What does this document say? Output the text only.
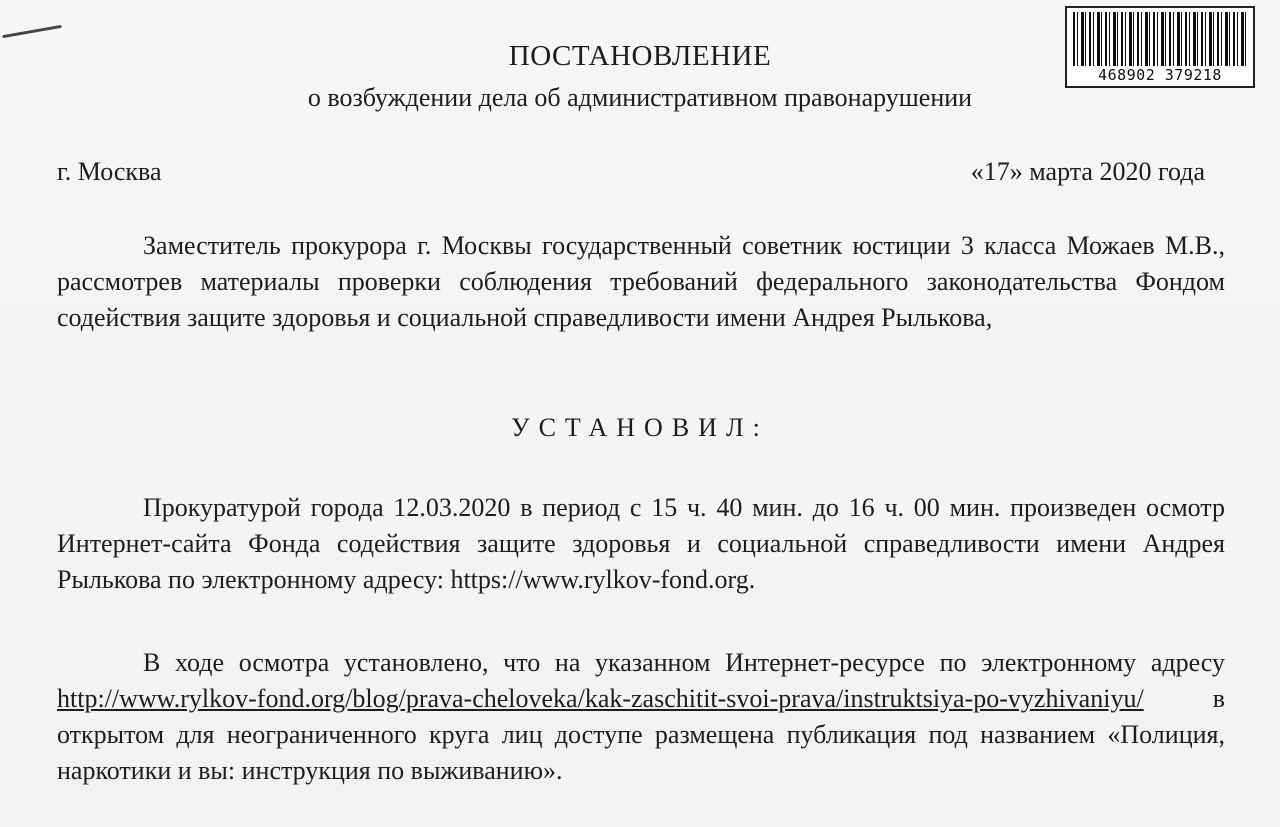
468902 379218
ПОСТАНОВЛЕНИЕ
о возбуждении дела об административном правонарушении
г. Москва	«17» марта 2020 года

Заместитель прокурора г. Москвы государственный советник юстиции 3 класса Можаев М.В., рассмотрев материалы проверки соблюдения требований федерального законодательства Фондом содействия защите здоровья и социальной справедливости имени Андрея Рылькова,

УСТАНОВИЛ:

Прокуратурой города 12.03.2020 в период с 15 ч. 40 мин. до 16 ч. 00 мин. произведен осмотр Интернет-сайта Фонда содействия защите здоровья и социальной справедливости имени Андрея Рылькова по электронному адресу: https://www.rylkov-fond.org.

В ходе осмотра установлено, что на указанном Интернет-ресурсе по электронному адресу http://www.rylkov-fond.org/blog/prava-cheloveka/kak-zaschitit-svoi-prava/instruktsiya-po-vyzhivaniyu/ в открытом для неограниченного круга лиц доступе размещена публикация под названием «Полиция, наркотики и вы: инструкция по выживанию».
